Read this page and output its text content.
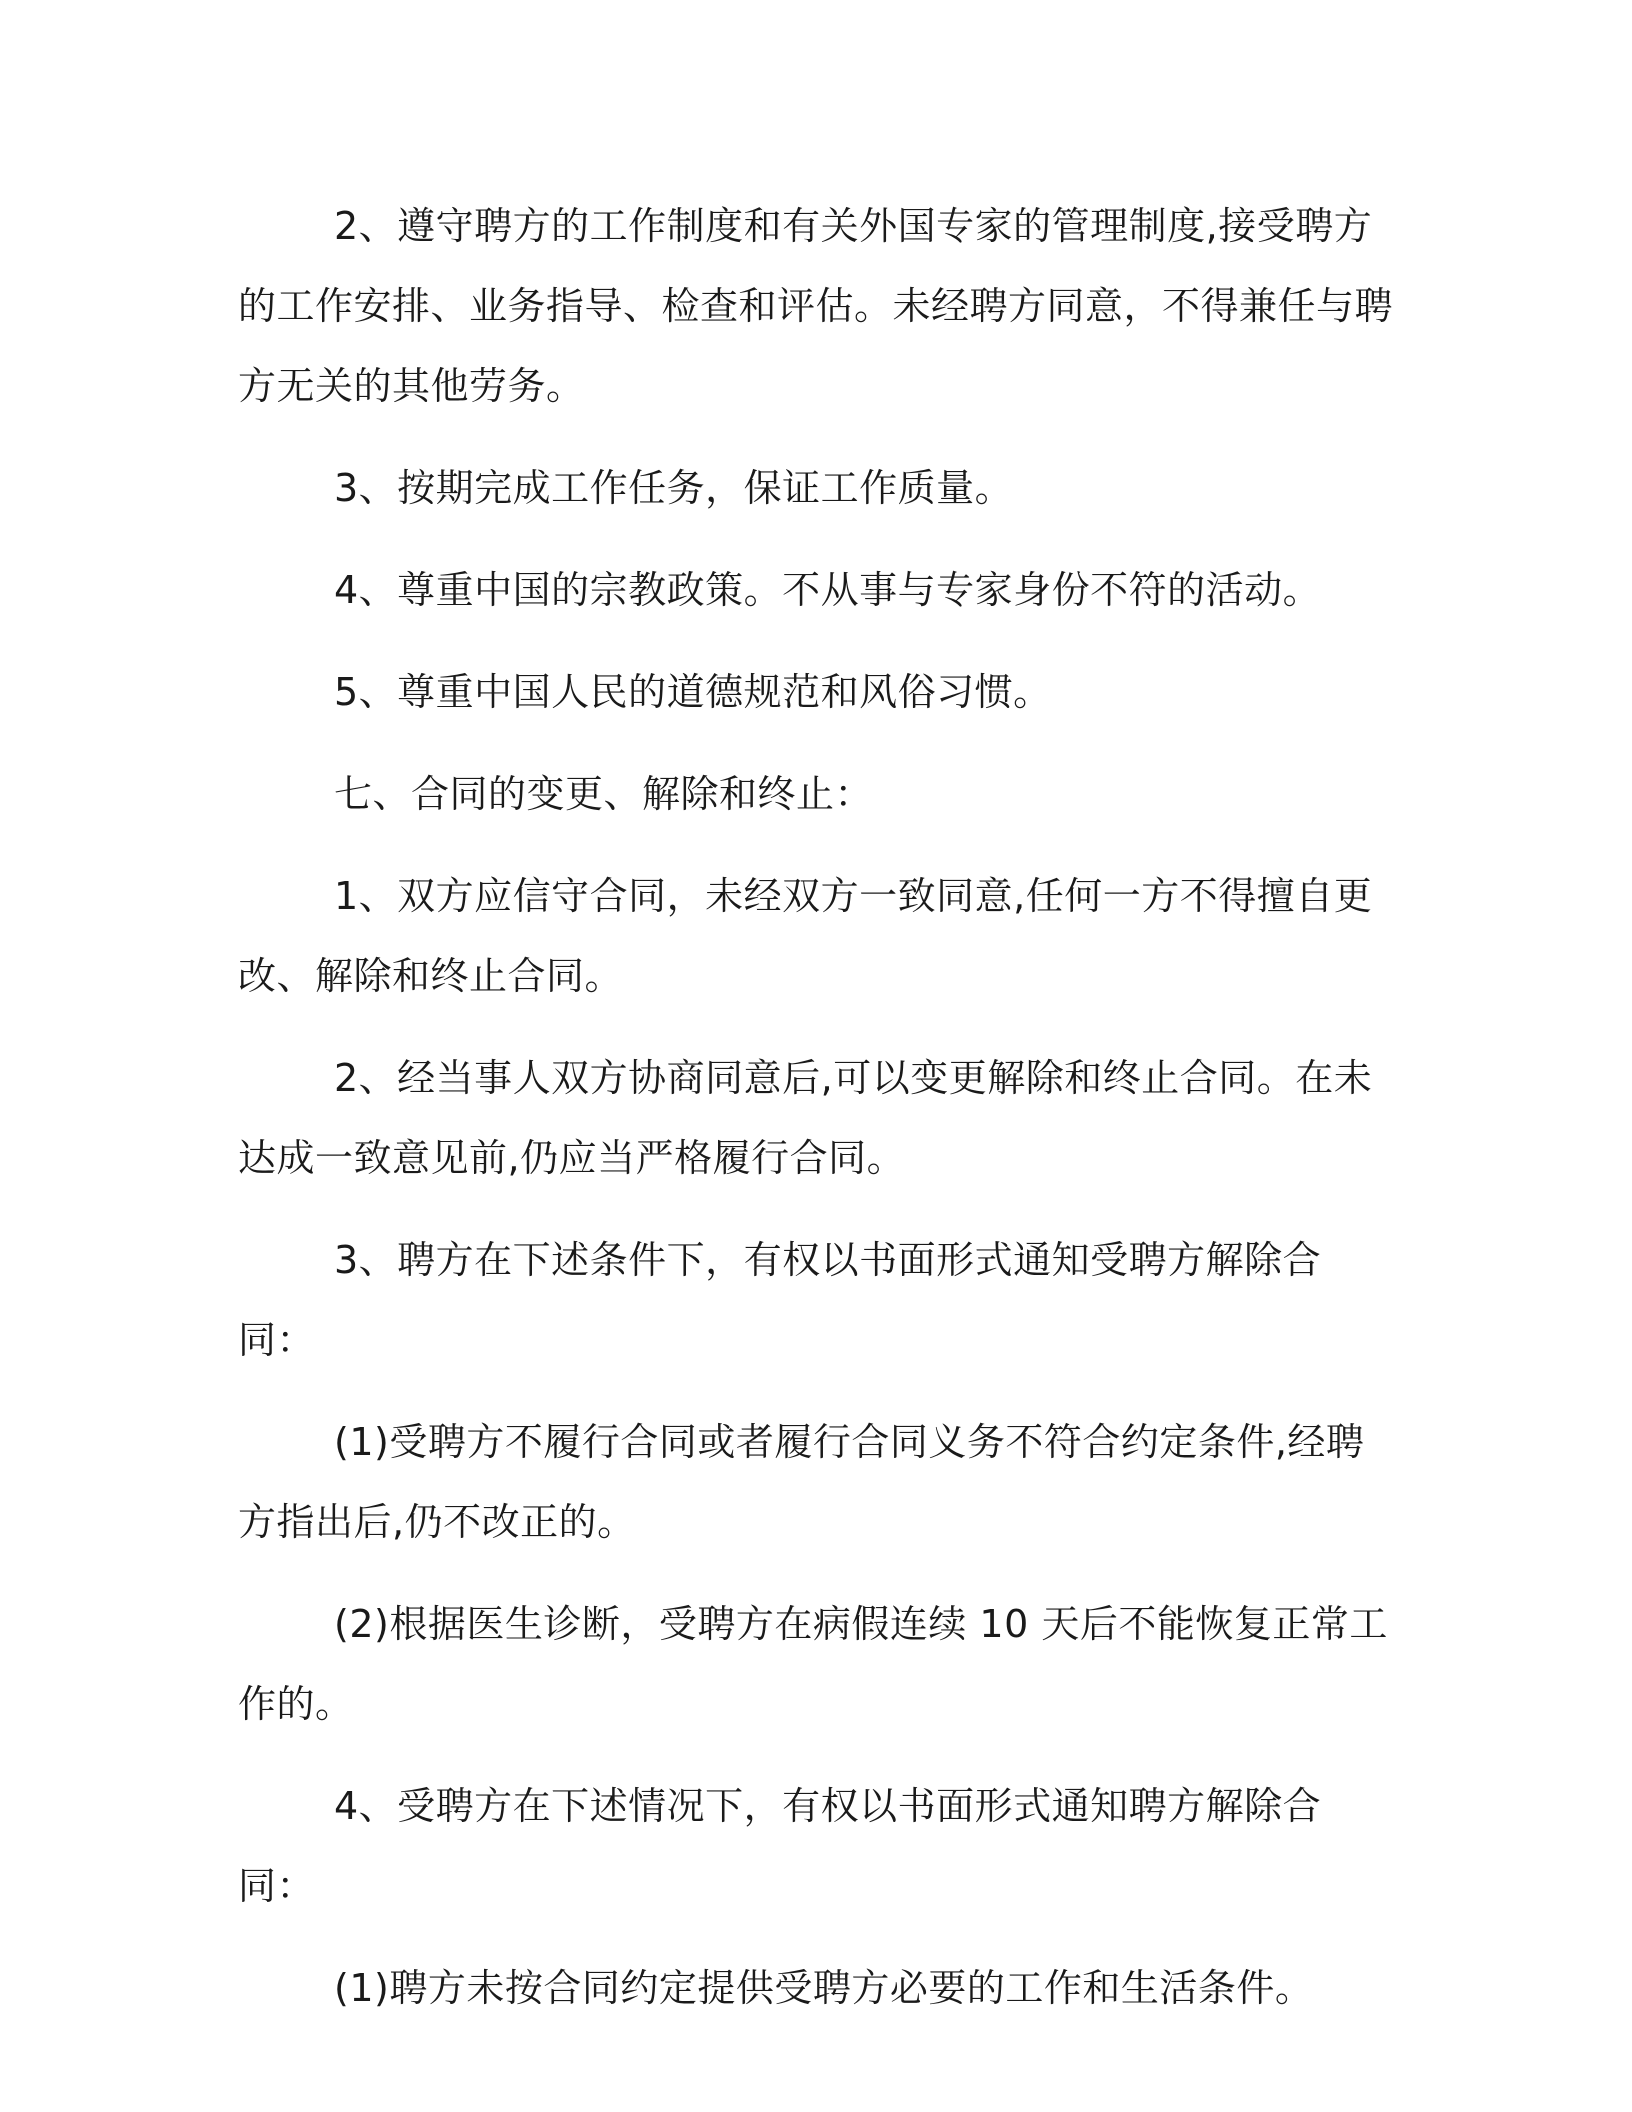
2、遵守聘方的工作制度和有关外国专家的管理制度,接受聘方的工作安排、业务指导、检查和评估。未经聘方同意，不得兼任与聘方无关的其他劳务。

3、按期完成工作任务，保证工作质量。

4、尊重中国的宗教政策。不从事与专家身份不符的活动。

5、尊重中国人民的道德规范和风俗习惯。

七、合同的变更、解除和终止：

1、双方应信守合同，未经双方一致同意,任何一方不得擅自更改、解除和终止合同。

2、经当事人双方协商同意后,可以变更解除和终止合同。在未达成一致意见前,仍应当严格履行合同。

3、聘方在下述条件下，有权以书面形式通知受聘方解除合同：

(1)受聘方不履行合同或者履行合同义务不符合约定条件,经聘方指出后,仍不改正的。

(2)根据医生诊断，受聘方在病假连续 10 天后不能恢复正常工作的。

4、受聘方在下述情况下，有权以书面形式通知聘方解除合同：

(1)聘方未按合同约定提供受聘方必要的工作和生活条件。
